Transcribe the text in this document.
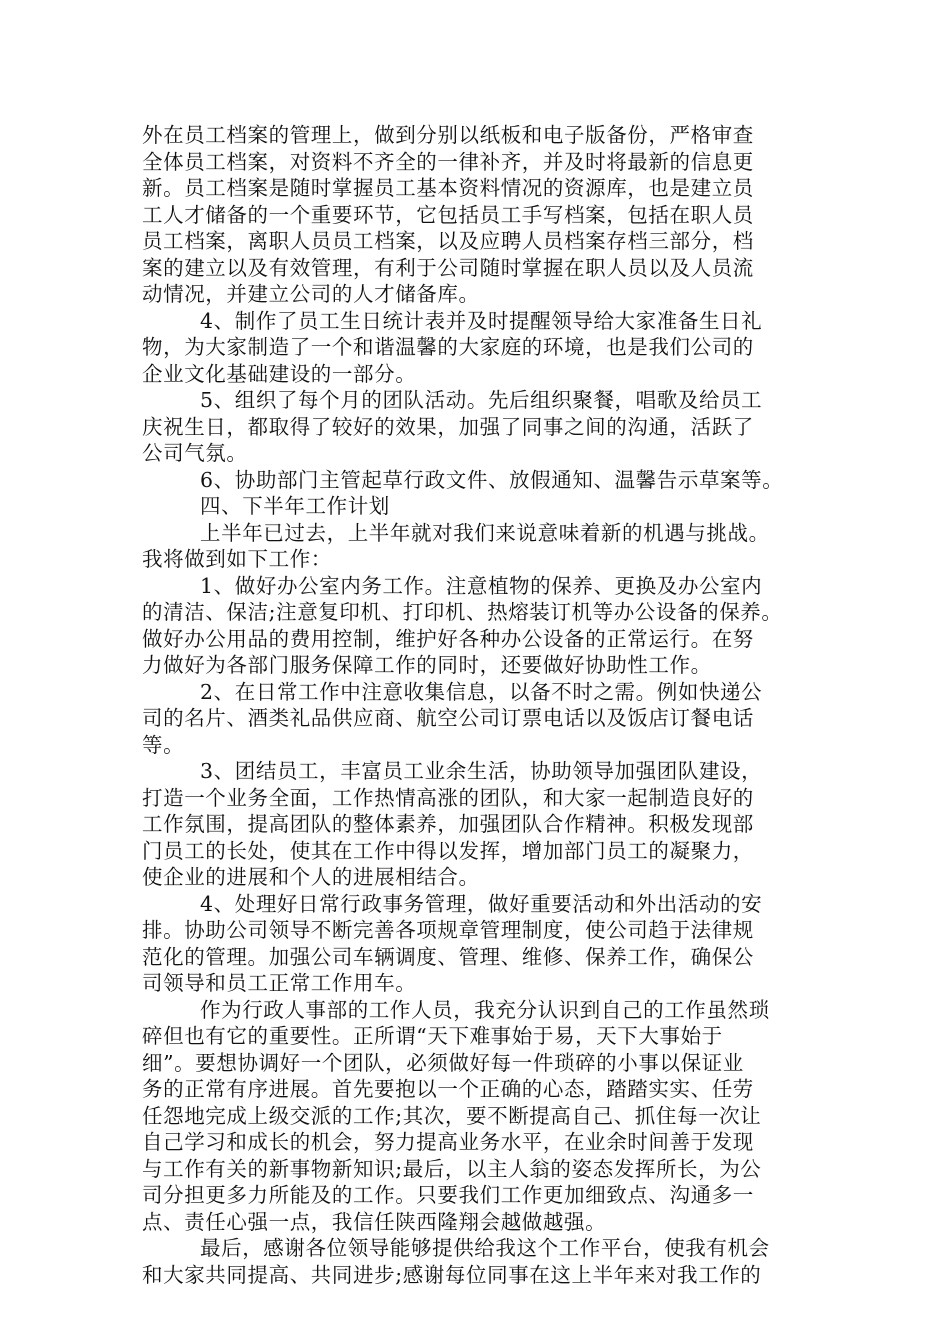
外在员工档案的管理上，做到分别以纸板和电子版备份，严格审查
全体员工档案，对资料不齐全的一律补齐，并及时将最新的信息更
新。员工档案是随时掌握员工基本资料情况的资源库，也是建立员
工人才储备的一个重要环节，它包括员工手写档案，包括在职人员
员工档案，离职人员员工档案，以及应聘人员档案存档三部分，档
案的建立以及有效管理，有利于公司随时掌握在职人员以及人员流
动情况，并建立公司的人才储备库。
4、制作了员工生日统计表并及时提醒领导给大家准备生日礼
物，为大家制造了一个和谐温馨的大家庭的环境，也是我们公司的
企业文化基础建设的一部分。
5、组织了每个月的团队活动。先后组织聚餐，唱歌及给员工
庆祝生日，都取得了较好的效果，加强了同事之间的沟通，活跃了
公司气氛。
6、协助部门主管起草行政文件、放假通知、温馨告示草案等。
四、下半年工作计划
上半年已过去，上半年就对我们来说意味着新的机遇与挑战。
我将做到如下工作：
1、做好办公室内务工作。注意植物的保养、更换及办公室内
的清洁、保洁;注意复印机、打印机、热熔装订机等办公设备的保养。
做好办公用品的费用控制，维护好各种办公设备的正常运行。在努
力做好为各部门服务保障工作的同时，还要做好协助性工作。
2、在日常工作中注意收集信息，以备不时之需。例如快递公
司的名片、酒类礼品供应商、航空公司订票电话以及饭店订餐电话
等。
3、团结员工，丰富员工业余生活，协助领导加强团队建设，
打造一个业务全面，工作热情高涨的团队，和大家一起制造良好的
工作氛围，提高团队的整体素养，加强团队合作精神。积极发现部
门员工的长处，使其在工作中得以发挥，增加部门员工的凝聚力，
使企业的进展和个人的进展相结合。
4、处理好日常行政事务管理，做好重要活动和外出活动的安
排。协助公司领导不断完善各项规章管理制度，使公司趋于法律规
范化的管理。加强公司车辆调度、管理、维修、保养工作，确保公
司领导和员工正常工作用车。
作为行政人事部的工作人员，我充分认识到自己的工作虽然琐
碎但也有它的重要性。正所谓“天下难事始于易，天下大事始于
细”。要想协调好一个团队，必须做好每一件琐碎的小事以保证业
务的正常有序进展。首先要抱以一个正确的心态，踏踏实实、任劳
任怨地完成上级交派的工作;其次，要不断提高自己、抓住每一次让
自己学习和成长的机会，努力提高业务水平，在业余时间善于发现
与工作有关的新事物新知识;最后，以主人翁的姿态发挥所长，为公
司分担更多力所能及的工作。只要我们工作更加细致点、沟通多一
点、责任心强一点，我信任陕西隆翔会越做越强。
最后，感谢各位领导能够提供给我这个工作平台，使我有机会
和大家共同提高、共同进步;感谢每位同事在这上半年来对我工作的
